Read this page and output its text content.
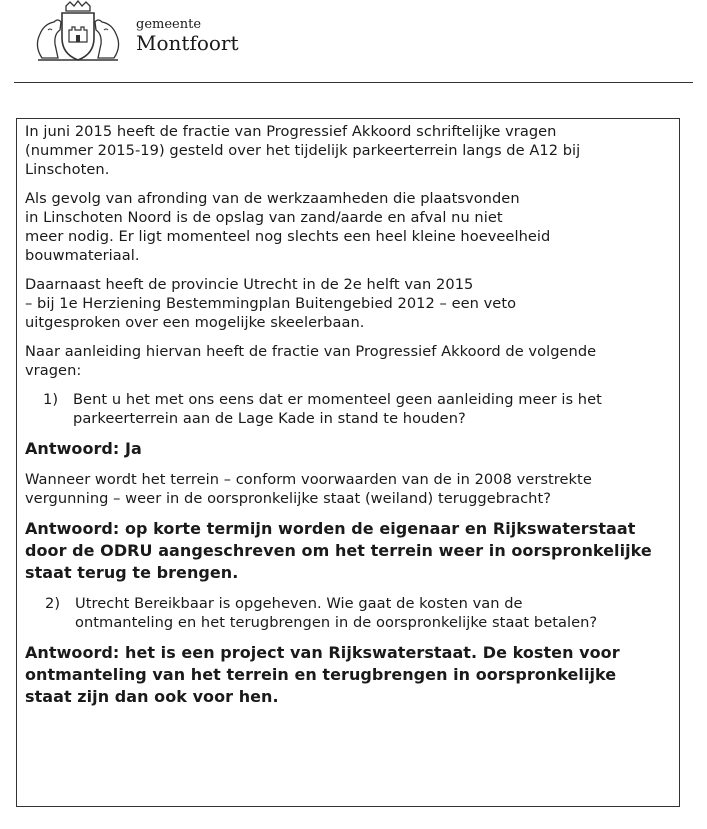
gemeente
Montfoort

In juni 2015 heeft de fractie van Progressief Akkoord schriftelijke vragen
(nummer 2015-19) gesteld over het tijdelijk parkeerterrein langs de A12 bij
Linschoten.

Als gevolg van afronding van de werkzaamheden die plaatsvonden
in Linschoten Noord is de opslag van zand/aarde en afval nu niet
meer nodig. Er ligt momenteel nog slechts een heel kleine hoeveelheid
bouwmateriaal.

Daarnaast heeft de provincie Utrecht in de 2e helft van 2015
– bij 1e Herziening Bestemmingplan Buitengebied 2012 – een veto
uitgesproken over een mogelijke skeelerbaan.

Naar aanleiding hiervan heeft de fractie van Progressief Akkoord de volgende
vragen:

1)	Bent u het met ons eens dat er momenteel geen aanleiding meer is het
parkeerterrein aan de Lage Kade in stand te houden?

Antwoord: Ja

Wanneer wordt het terrein – conform voorwaarden van de in 2008 verstrekte
vergunning – weer in de oorspronkelijke staat (weiland) teruggebracht?

Antwoord: op korte termijn worden de eigenaar en Rijkswaterstaat
door de ODRU aangeschreven om het terrein weer in oorspronkelijke
staat terug te brengen.

2)	Utrecht Bereikbaar is opgeheven. Wie gaat de kosten van de
ontmanteling en het terugbrengen in de oorspronkelijke staat betalen?

Antwoord: het is een project van Rijkswaterstaat. De kosten voor
ontmanteling van het terrein en terugbrengen in oorspronkelijke
staat zijn dan ook voor hen.
